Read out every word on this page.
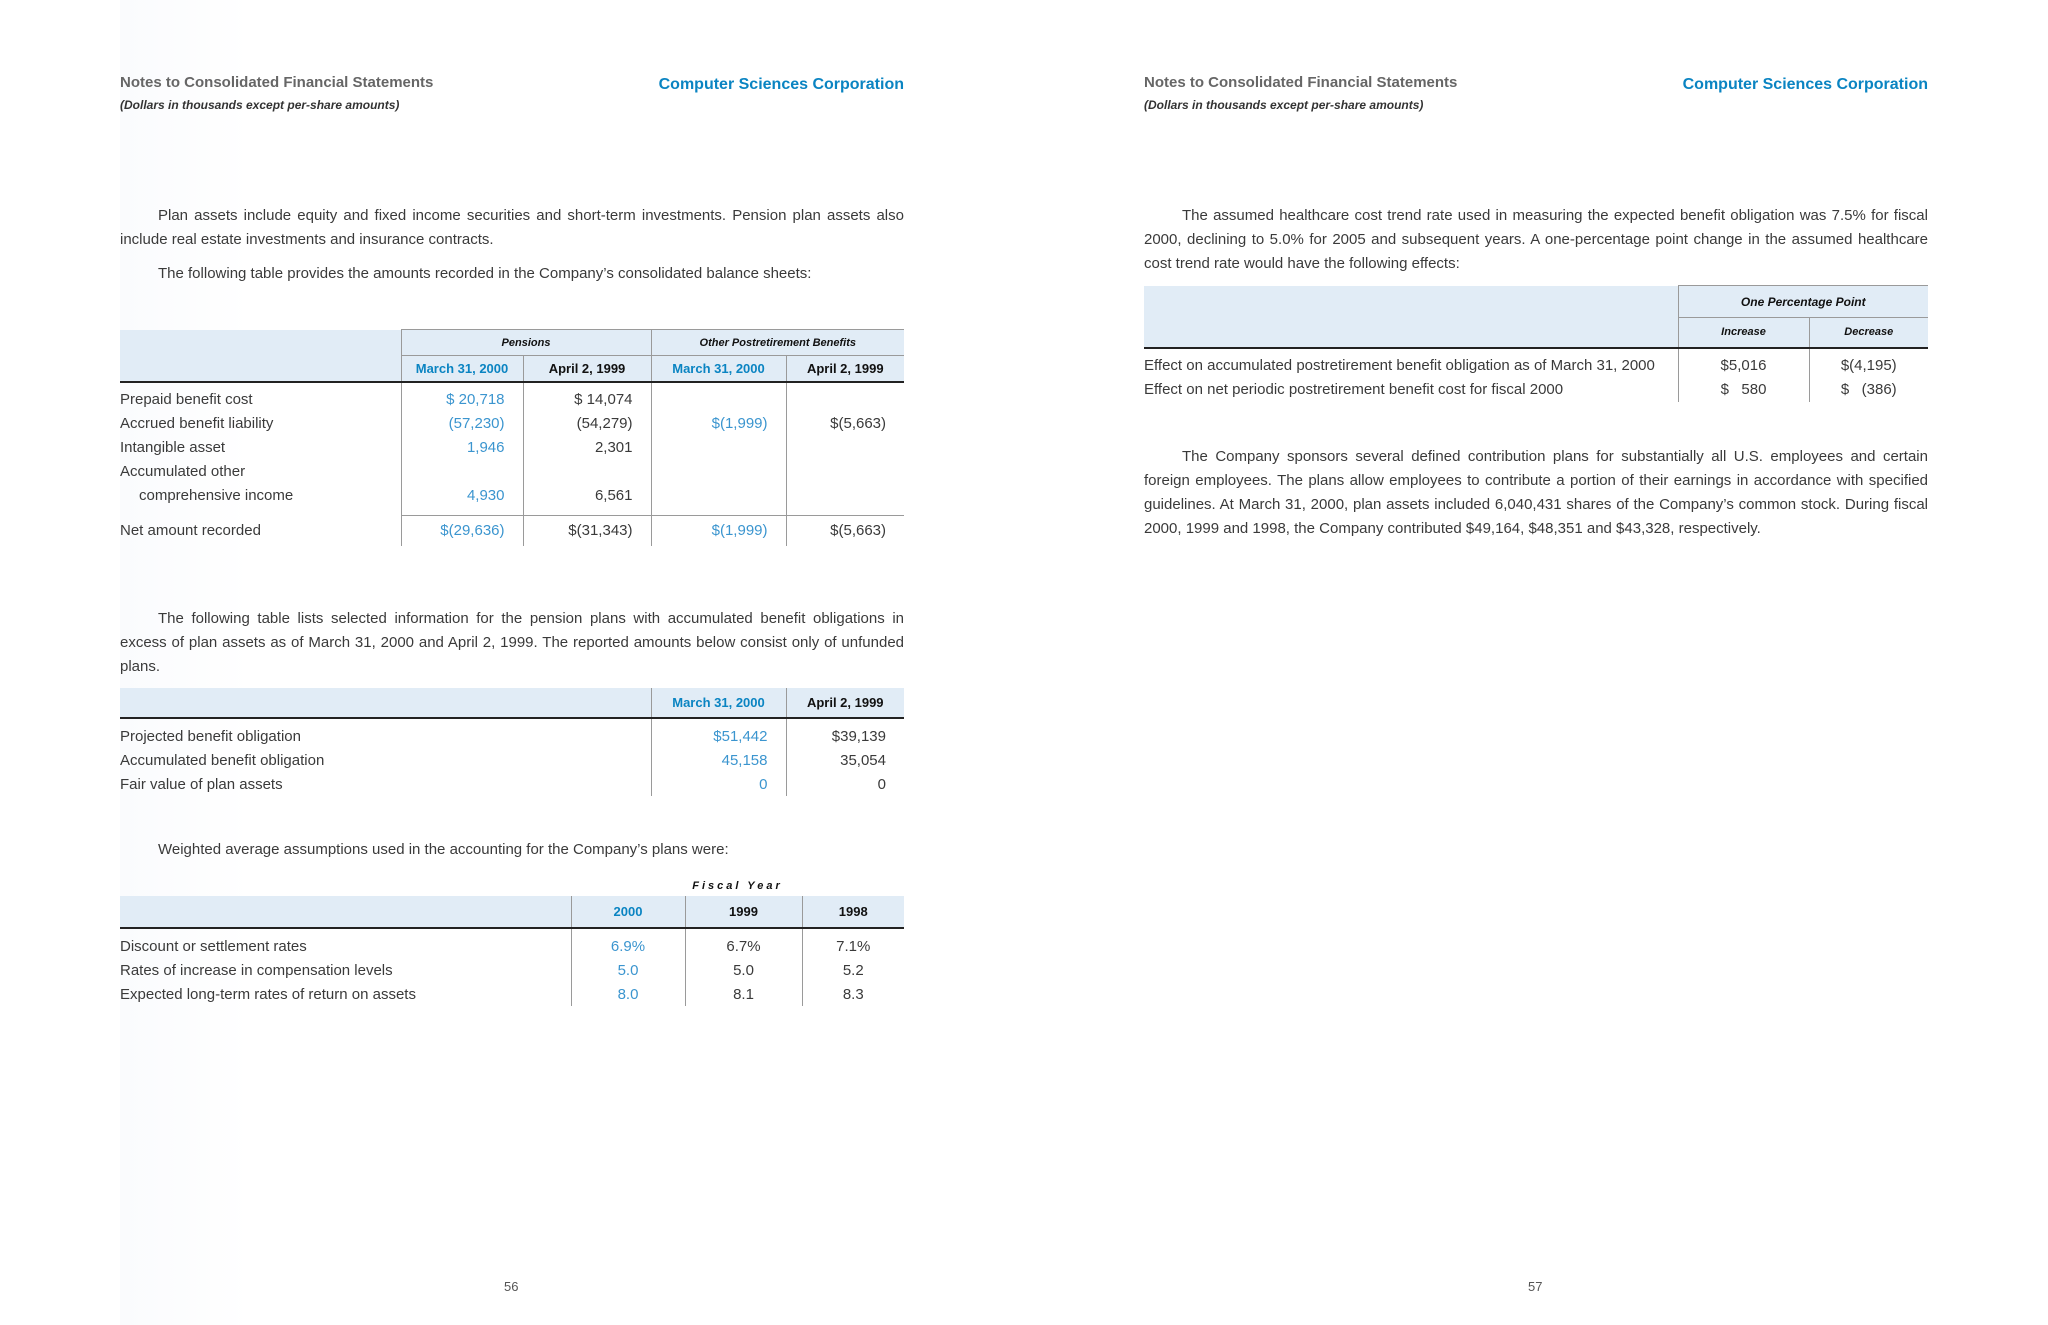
Notes to Consolidated Financial Statements
(Dollars in thousands except per-share amounts)
Computer Sciences Corporation
Plan assets include equity and fixed income securities and short-term investments. Pension plan assets also include real estate investments and insurance contracts.
The following table provides the amounts recorded in the Company’s consolidated balance sheets:
	Pensions		Other Postretirement Benefits	
	March 31, 2000	April 2, 1999	March 31, 2000	April 2, 1999

Prepaid benefit cost	$ 20,718	$ 14,074		
Accrued benefit liability	(57,230)	(54,279)	$(1,999)	$(5,663)
Intangible asset	1,946	2,301		
Accumulated other				
comprehensive income	4,930	6,561		

Net amount recorded	$(29,636)	$(31,343)	$(1,999)	$(5,663)
The following table lists selected information for the pension plans with accumulated benefit obligations in excess of plan assets as of March 31, 2000 and April 2, 1999. The reported amounts below consist only of unfunded plans.
	March 31, 2000	April 2, 1999

Projected benefit obligation	$51,442	$39,139
Accumulated benefit obligation	45,158	35,054
Fair value of plan assets	0	0
Weighted average assumptions used in the accounting for the Company’s plans were:
	Fiscal Year		
	2000	1999	1998

Discount or settlement rates	6.9%	6.7%	7.1%
Rates of increase in compensation levels	5.0	5.0	5.2
Expected long-term rates of return on assets	8.0	8.1	8.3
56
Notes to Consolidated Financial Statements
(Dollars in thousands except per-share amounts)
Computer Sciences Corporation
The assumed healthcare cost trend rate used in measuring the expected benefit obligation was 7.5% for fiscal 2000, declining to 5.0% for 2005 and subsequent years. A one-percentage point change in the assumed healthcare cost trend rate would have the following effects:
	One Percentage Point	
	Increase	Decrease

Effect on accumulated postretirement benefit obligation as of March 31, 2000	$5,016	$(4,195)
Effect on net periodic postretirement benefit cost for fiscal 2000	$   580	$   (386)
The Company sponsors several defined contribution plans for substantially all U.S. employees and certain foreign employees. The plans allow employees to contribute a portion of their earnings in accordance with specified guidelines. At March 31, 2000, plan assets included 6,040,431 shares of the Company’s common stock. During fiscal 2000, 1999 and 1998, the Company contributed $49,164, $48,351 and $43,328, respectively.
57
